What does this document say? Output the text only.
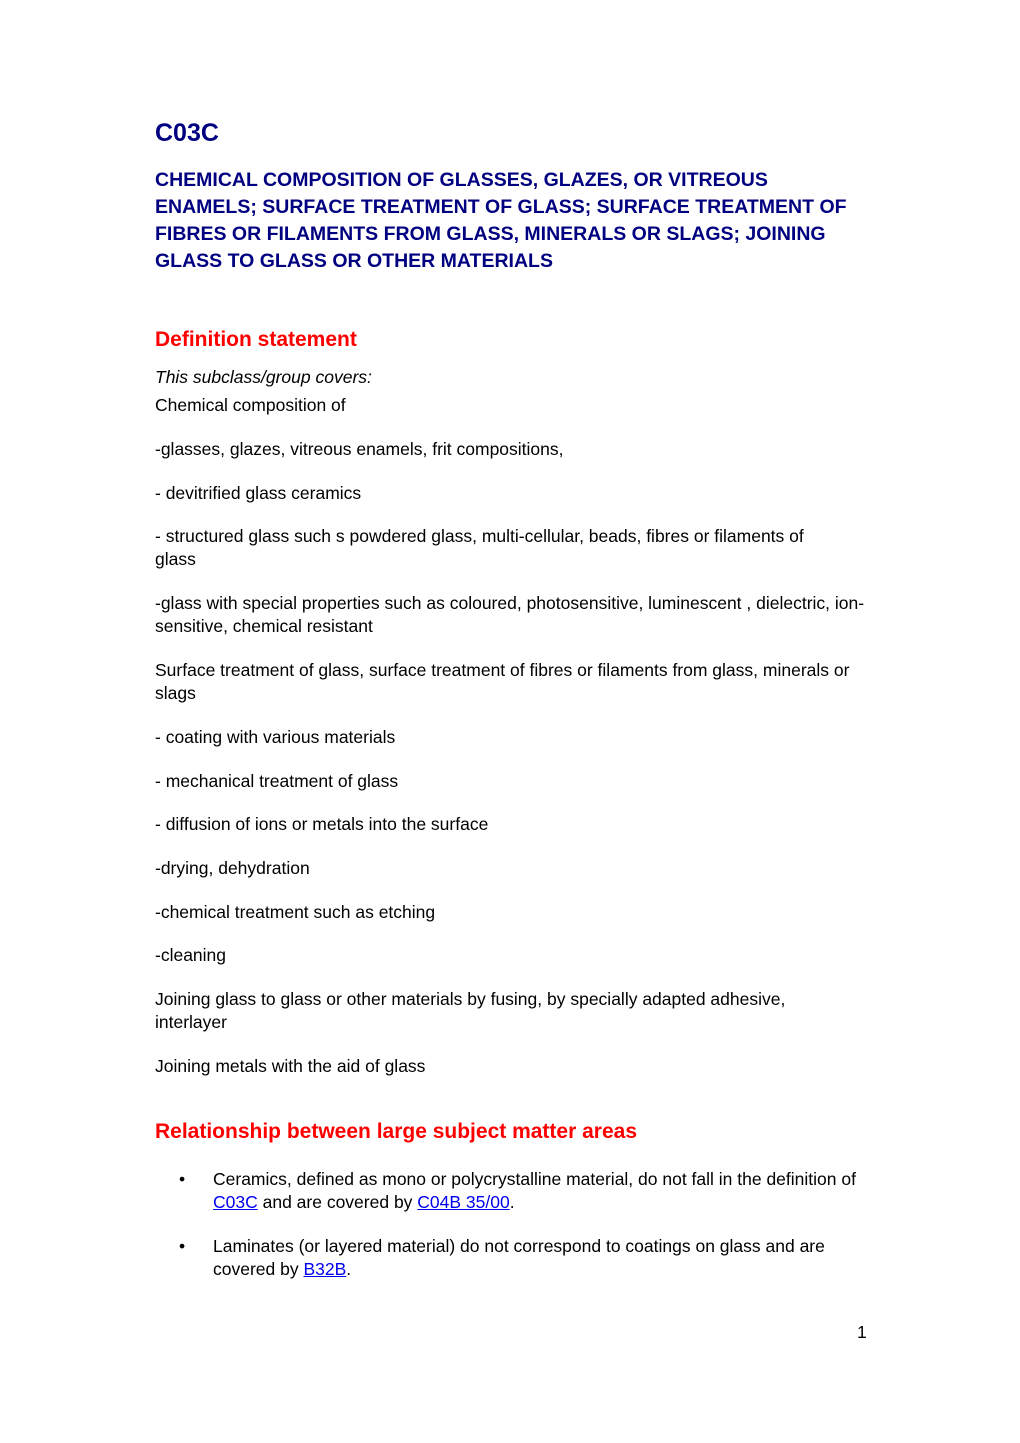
C03C
CHEMICAL COMPOSITION OF GLASSES, GLAZES, OR VITREOUS ENAMELS; SURFACE TREATMENT OF GLASS; SURFACE TREATMENT OF FIBRES OR FILAMENTS FROM GLASS, MINERALS OR SLAGS; JOINING GLASS TO GLASS OR OTHER MATERIALS
Definition statement

This subclass/group covers:

Chemical composition of

-glasses, glazes, vitreous enamels, frit compositions,

- devitrified glass ceramics

- structured glass such s powdered glass, multi-cellular, beads, fibres or filaments of glass

-glass with special properties such as coloured, photosensitive, luminescent , dielectric, ion-sensitive, chemical resistant

Surface treatment of glass, surface treatment of fibres or filaments from glass, minerals or slags

- coating with various materials

- mechanical treatment of glass

- diffusion of ions or metals into the surface

-drying, dehydration

-chemical treatment such as etching

-cleaning

Joining glass to glass or other materials by fusing, by specially adapted adhesive, interlayer

Joining metals with the aid of glass

Relationship between large subject matter areas
• Ceramics, defined as mono or polycrystalline material, do not fall in the definition of C03C and are covered by C04B 35/00.
• Laminates (or layered material) do not correspond to coatings on glass and are covered by B32B.
1
